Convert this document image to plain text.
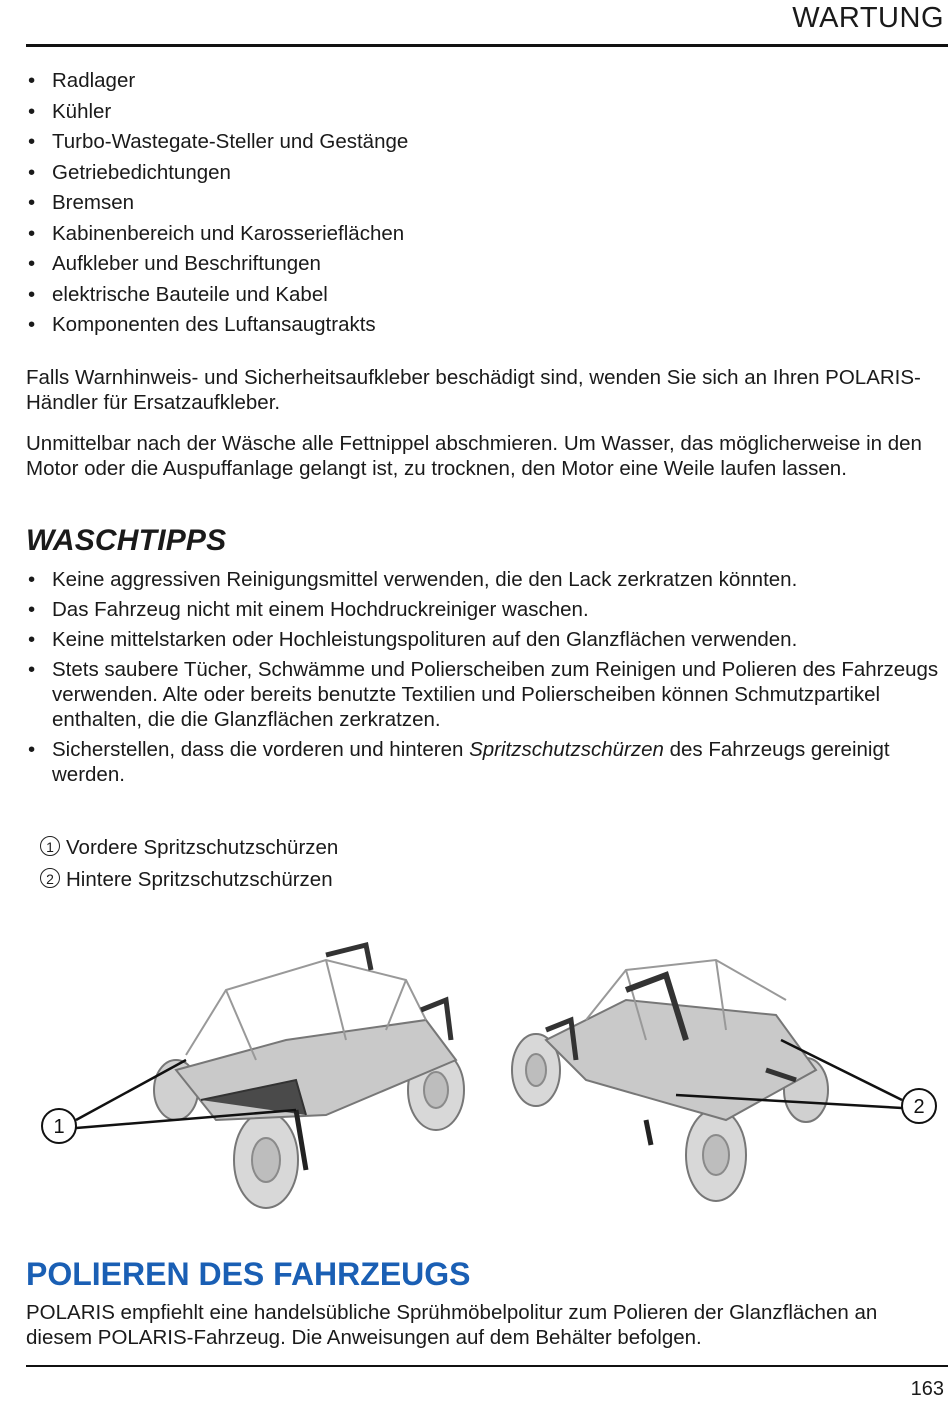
WARTUNG
• Radlager
• Kühler
• Turbo-Wastegate-Steller und Gestänge
• Getriebedichtungen
• Bremsen
• Kabinenbereich und Karosserieflächen
• Aufkleber und Beschriftungen
• elektrische Bauteile und Kabel
• Komponenten des Luftansaugtrakts

Falls Warnhinweis- und Sicherheitsaufkleber beschädigt sind, wenden Sie sich an Ihren POLARIS-Händler für Ersatzaufkleber.

Unmittelbar nach der Wäsche alle Fettnippel abschmieren. Um Wasser, das möglicherweise in den Motor oder die Auspuffanlage gelangt ist, zu trocknen, den Motor eine Weile laufen lassen.

WASCHTIPPS
• Keine aggressiven Reinigungsmittel verwenden, die den Lack zerkratzen könnten.
• Das Fahrzeug nicht mit einem Hochdruckreiniger waschen.
• Keine mittelstarken oder Hochleistungspolituren auf den Glanzflächen verwenden.
• Stets saubere Tücher, Schwämme und Polierscheiben zum Reinigen und Polieren des Fahrzeugs verwenden. Alte oder bereits benutzte Textilien und Polierscheiben können Schmutzpartikel enthalten, die die Glanzflächen zerkratzen.
• Sicherstellen, dass die vorderen und hinteren Spritzschutzschürzen des Fahrzeugs gereinigt werden.
1 Vordere Spritzschutzschürzen
2 Hintere Spritzschutzschürzen
1
2
POLIEREN DES FAHRZEUGS

POLARIS empfiehlt eine handelsübliche Sprühmöbelpolitur zum Polieren der Glanzflächen an diesem POLARIS-Fahrzeug. Die Anweisungen auf dem Behälter befolgen.

163
